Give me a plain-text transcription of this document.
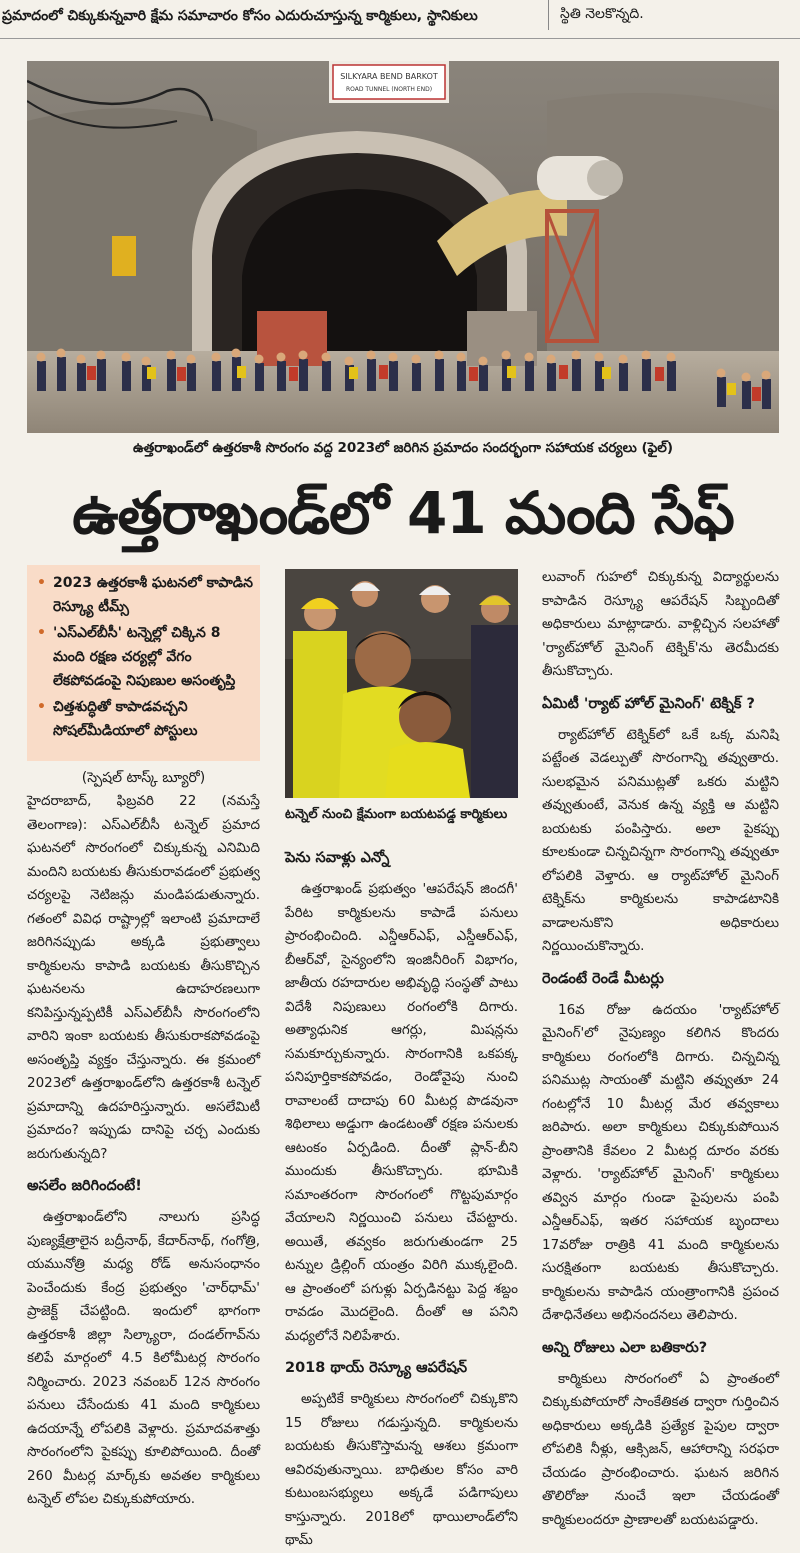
ప్రమాదంలో చిక్కుకున్నవారి క్షేమ సమాచారం కోసం ఎదురుచూస్తున్న కార్మికులు, స్థానికులు	స్థితి నెలకొన్నది.
SILKYARA BEND BARKOT
ROAD TUNNEL (NORTH END)
ఉత్తరాఖండ్‌లో ఉత్తరకాశీ సొరంగం వద్ద 2023లో జరిగిన ప్రమాదం సందర్భంగా సహాయక చర్యలు (ఫైల్)
ఉత్తరాఖండ్‌లో 41 మంది సేఫ్
• 2023 ఉత్తరకాశీ ఘటనలో కాపాడిన రెస్క్యూ టీమ్స్
• 'ఎస్‌ఎల్‌బీసీ' టన్నెల్లో చిక్కిన 8 మంది రక్షణ చర్యల్లో వేగం లేకపోవడంపై నిపుణుల అసంతృప్తి
• చిత్తశుద్ధితో కాపాడవచ్చని సోషల్‌మీడియాలో పోస్టులు
(స్పెషల్ టాస్క్ బ్యూరో)

హైదరాబాద్, ఫిబ్రవరి 22 (నమస్తే తెలంగాణ): ఎస్‌ఎల్‌బీసీ టన్నెల్ ప్రమాద ఘటనలో సొరంగంలో చిక్కుకున్న ఎనిమిది మందిని బయటకు తీసుకురావడంలో ప్రభుత్వ చర్యలపై నెటిజన్లు మండిపడుతున్నారు. గతంలో వివిధ రాష్ట్రాల్లో ఇలాంటి ప్రమాదాలే జరిగినప్పుడు అక్కడి ప్రభుత్వాలు కార్మికులను కాపాడి బయటకు తీసుకొచ్చిన ఘటనలను ఉదాహరణలుగా కనిపిస్తున్నప్పటికీ ఎస్‌ఎల్‌బీసీ సొరంగంలోని వారిని ఇంకా బయటకు తీసుకురాకపోవడంపై అసంతృప్తి వ్యక్తం చేస్తున్నారు. ఈ క్రమంలో 2023లో ఉత్తరాఖండ్‌లోని ఉత్తరకాశీ టన్నెల్ ప్రమాదాన్ని ఉదహరిస్తున్నారు. అసలేమిటీ ప్రమాదం? ఇప్పుడు దానిపై చర్చ ఎందుకు జరుగుతున్నది?

అసలేం జరిగిందంటే!

ఉత్తరాఖండ్‌లోని నాలుగు ప్రసిద్ధ పుణ్యక్షేత్రాలైన బద్రీనాథ్, కేదార్‌నాథ్, గంగోత్రి, యమునోత్రి మధ్య రోడ్ అనుసంధానం పెంచేందుకు కేంద్ర ప్రభుత్వం 'చార్‌ధామ్' ప్రాజెక్ట్ చేపట్టింది. ఇందులో భాగంగా ఉత్తరకాశీ జిల్లా సిల్క్యారా, దండల్‌గావ్‌ను కలిపే మార్గంలో 4.5 కిలోమీటర్ల సొరంగం నిర్మించారు. 2023 నవంబర్ 12న సొరంగం పనులు చేసేందుకు 41 మంది కార్మికులు ఉదయాన్నే లోపలికి వెళ్లారు. ప్రమాదవశాత్తు సొరంగంలోని పైకప్పు కూలిపోయింది. దీంతో 260 మీటర్ల మార్క్‌కు అవతల కార్మికులు టన్నెల్ లోపల చిక్కుకుపోయారు.

టన్నెల్ నుంచి క్షేమంగా బయటపడ్డ కార్మికులు
పెను సవాళ్లు ఎన్నో

ఉత్తరాఖండ్ ప్రభుత్వం 'ఆపరేషన్ జిందగీ' పేరిట కార్మికులను కాపాడే పనులు ప్రారంభించింది. ఎన్డీఆర్‌ఎఫ్, ఎస్డీఆర్‌ఎఫ్, బీఆర్‌వో, సైన్యంలోని ఇంజినీరింగ్ విభాగం, జాతీయ రహదారుల అభివృద్ధి సంస్థతో పాటు విదేశీ నిపుణులు రంగంలోకి దిగారు. అత్యాధునిక ఆగర్లు, మిషన్లను సమకూర్చుకున్నారు. సొరంగానికి ఒకపక్క పనిపూర్తికాకపోవడం, రెండోవైపు నుంచి రావాలంటే దాదాపు 60 మీటర్ల పొడవునా శిథిలాలు అడ్డుగా ఉండటంతో రక్షణ పనులకు ఆటంకం ఏర్పడింది. దీంతో ప్లాన్-బీని ముందుకు తీసుకొచ్చారు. భూమికి సమాంతరంగా సొరంగంలో గొట్టపుమార్గం వేయాలని నిర్ణయించి పనులు చేపట్టారు. అయితే, తవ్వకం జరుగుతుండగా 25 టన్నుల డ్రిల్లింగ్ యంత్రం విరిగి ముక్కలైంది. ఆ ప్రాంతంలో పగుళ్లు ఏర్పడినట్టు పెద్ద శబ్దం రావడం మొదలైంది. దీంతో ఆ పనిని మధ్యలోనే నిలిపేశారు.

2018 థాయ్ రెస్క్యూ ఆపరేషన్

అప్పటికే కార్మికులు సొరంగంలో చిక్కుకొని 15 రోజులు గడుస్తున్నది. కార్మికులను బయటకు తీసుకొస్తామన్న ఆశలు క్రమంగా ఆవిరవుతున్నాయి. బాధితుల కోసం వారి కుటుంబసభ్యులు అక్కడే పడిగాపులు కాస్తున్నారు. 2018లో థాయిలాండ్‌లోని థామ్

లువాంగ్ గుహలో చిక్కుకున్న విద్యార్థులను కాపాడిన రెస్క్యూ ఆపరేషన్ సిబ్బందితో అధికారులు మాట్లాడారు. వాళ్లిచ్చిన సలహాతో 'ర్యాట్‌హోల్ మైనింగ్ టెక్నిక్'ను తెరమీదకు తీసుకొచ్చారు.

ఏమిటీ 'ర్యాట్ హోల్ మైనింగ్' టెక్నిక్ ?

ర్యాట్‌హోల్ టెక్నిక్‌లో ఒకే ఒక్క మనిషి పట్టేంత వెడల్పుతో సొరంగాన్ని తవ్వుతారు. సులభమైన పనిముట్లతో ఒకరు మట్టిని తవ్వుతుంటే, వెనుక ఉన్న వ్యక్తి ఆ మట్టిని బయటకు పంపిస్తారు. అలా పైకప్పు కూలకుండా చిన్నచిన్నగా సొరంగాన్ని తవ్వుతూ లోపలికి వెళ్తారు. ఆ ర్యాట్‌హోల్ మైనింగ్ టెక్నిక్‌ను కార్మికులను కాపాడటానికి వాడాలనుకొని అధికారులు నిర్ణయించుకొన్నారు.

రెండంటే రెండే మీటర్లు

16వ రోజు ఉదయం 'ర్యాట్‌హోల్ మైనింగ్'లో నైపుణ్యం కలిగిన కొందరు కార్మికులు రంగంలోకి దిగారు. చిన్నచిన్న పనిముట్ల సాయంతో మట్టిని తవ్వుతూ 24 గంటల్లోనే 10 మీటర్ల మేర తవ్వకాలు జరిపారు. అలా కార్మికులు చిక్కుకుపోయిన ప్రాంతానికి కేవలం 2 మీటర్ల దూరం వరకు వెళ్లారు. 'ర్యాట్‌హోల్ మైనింగ్' కార్మికులు తవ్విన మార్గం గుండా పైపులను పంపి ఎన్డీఆర్‌ఎఫ్, ఇతర సహాయక బృందాలు 17వరోజు రాత్రికి 41 మంది కార్మికులను సురక్షితంగా బయటకు తీసుకొచ్చారు. కార్మికులను కాపాడిన యంత్రాంగానికి ప్రపంచ దేశాధినేతలు అభినందనలు తెలిపారు.

అన్ని రోజులు ఎలా బతికారు?

కార్మికులు సొరంగంలో ఏ ప్రాంతంలో చిక్కుకుపోయారో సాంకేతికత ద్వారా గుర్తించిన అధికారులు అక్కడికి ప్రత్యేక పైపుల ద్వారా లోపలికి నీళ్లు, ఆక్సిజన్, ఆహారాన్ని సరఫరా చేయడం ప్రారంభించారు. ఘటన జరిగిన తొలిరోజు నుంచే ఇలా చేయడంతో కార్మికులందరూ ప్రాణాలతో బయటపడ్డారు.
